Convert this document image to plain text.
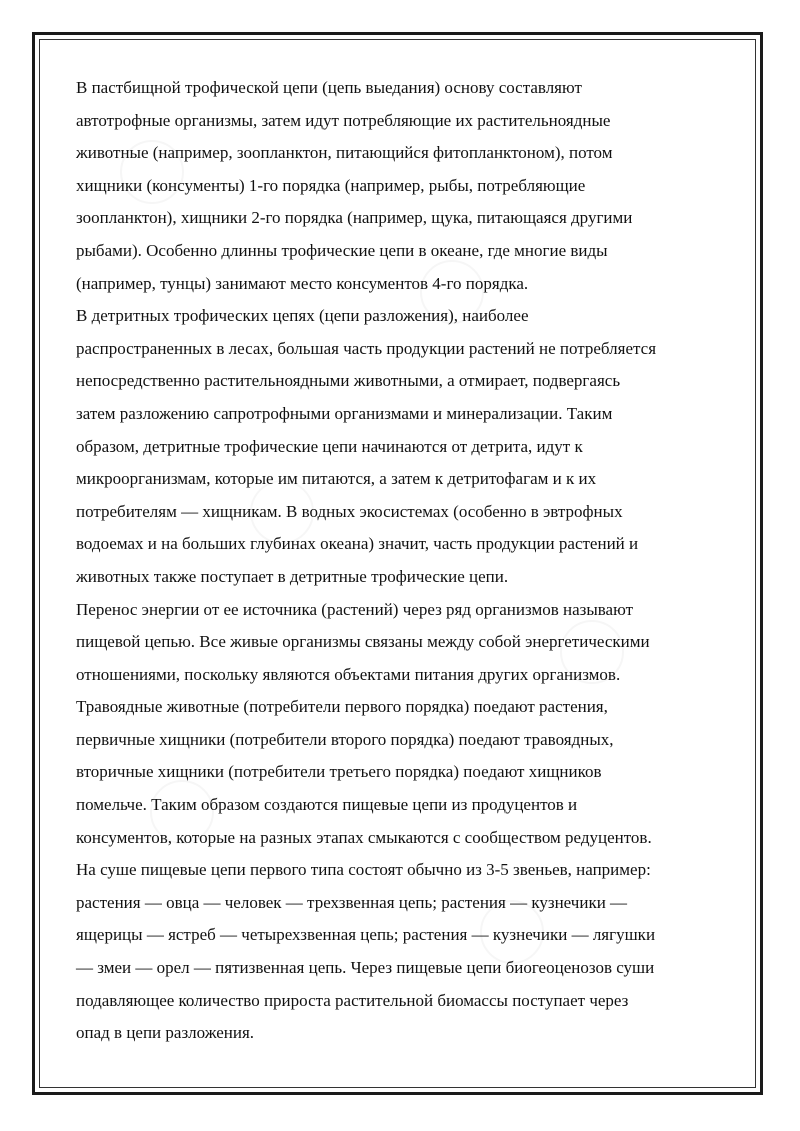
В пастбищной трофической цепи (цепь выедания) основу составляют
автотрофные организмы, затем идут потребляющие их растительноядные
животные (например, зоопланктон, питающийся фитопланктоном), потом
хищники (консументы) 1-го порядка (например, рыбы, потребляющие
зоопланктон), хищники 2-го порядка (например, щука, питающаяся другими
рыбами). Особенно длинны трофические цепи в океане, где многие виды
(например, тунцы) занимают место консументов 4-го порядка.
В детритных трофических цепях (цепи разложения), наиболее
распространенных в лесах, большая часть продукции растений не потребляется
непосредственно растительноядными животными, а отмирает, подвергаясь
затем разложению сапротрофными организмами и минерализации. Таким
образом, детритные трофические цепи начинаются от детрита, идут к
микроорганизмам, которые им питаются, а затем к детритофагам и к их
потребителям — хищникам. В водных экосистемах (особенно в эвтрофных
водоемах и на больших глубинах океана) значит, часть продукции растений и
животных также поступает в детритные трофические цепи.
Перенос энергии от ее источника (растений) через ряд организмов называют
пищевой цепью. Все живые организмы связаны между собой энергетическими
отношениями, поскольку являются объектами питания других организмов.
Травоядные животные (потребители первого порядка) поедают растения,
первичные хищники (потребители второго порядка) поедают травоядных,
вторичные хищники (потребители третьего порядка) поедают хищников
помельче. Таким образом создаются пищевые цепи из продуцентов и
консументов, которые на разных этапах смыкаются с сообществом редуцентов.
На суше пищевые цепи первого типа состоят обычно из 3-5 звеньев, например:
растения — овца — человек — трехзвенная цепь; растения — кузнечики —
ящерицы — ястреб — четырехзвенная цепь; растения — кузнечики — лягушки
— змеи — орел — пятизвенная цепь. Через пищевые цепи биогеоценозов суши
подавляющее количество прироста растительной биомассы поступает через
опад в цепи разложения.
